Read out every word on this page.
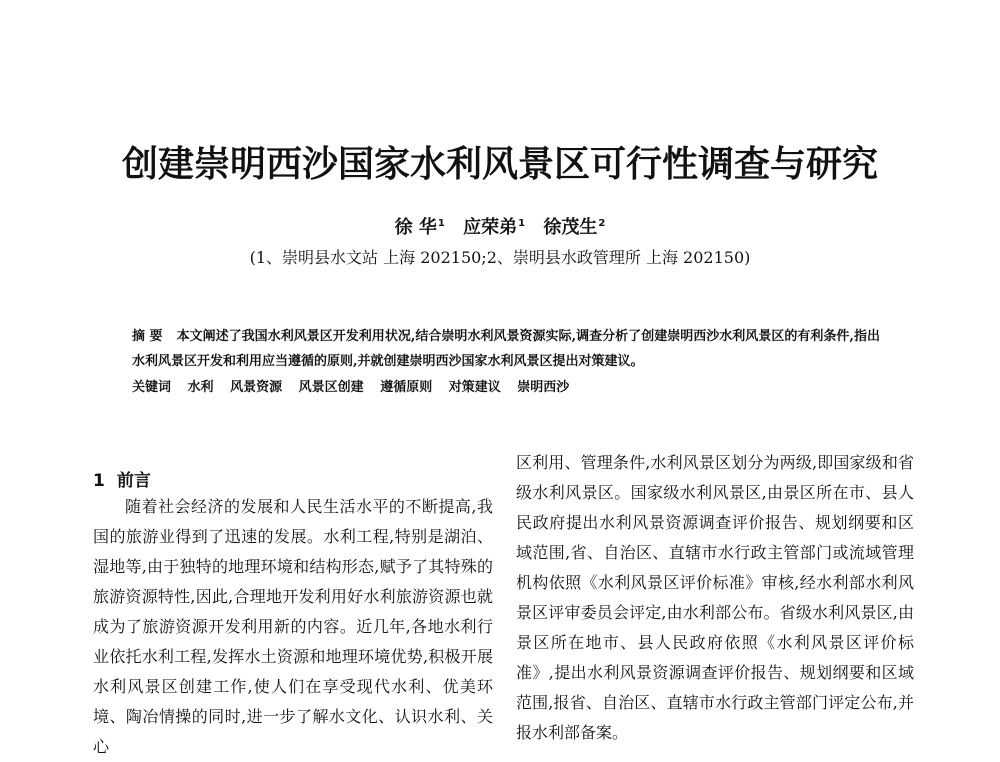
创建崇明西沙国家水利风景区可行性调查与研究
徐 华$^1$ 应荣弟$^1$ 徐茂生$^2$
(1、崇明县水文站 上海 202150;2、崇明县水政管理所 上海 202150)
摘 要 本文阐述了我国水利风景区开发利用状况,结合崇明水利风景资源实际,调查分析了创建崇明西沙水利风景区的有利条件,指出水利风景区开发和利用应当遵循的原则,并就创建崇明西沙国家水利风景区提出对策建议。
关键词 水利 风景资源 风景区创建 遵循原则 对策建议 崇明西沙
1 前言

随着社会经济的发展和人民生活水平的不断提高,我国的旅游业得到了迅速的发展。水利工程,特别是湖泊、湿地等,由于独特的地理环境和结构形态,赋予了其特殊的旅游资源特性,因此,合理地开发利用好水利旅游资源也就成为了旅游资源开发利用新的内容。近几年,各地水利行业依托水利工程,发挥水土资源和地理环境优势,积极开展水利风景区创建工作,使人们在享受现代水利、优美环境、陶冶情操的同时,进一步了解水文化、认识水利、关心

区利用、管理条件,水利风景区划分为两级,即国家级和省级水利风景区。国家级水利风景区,由景区所在市、县人民政府提出水利风景资源调查评价报告、规划纲要和区域范围,省、自治区、直辖市水行政主管部门或流域管理机构依照《水利风景区评价标准》审核,经水利部水利风景区评审委员会评定,由水利部公布。省级水利风景区,由景区所在地市、县人民政府依照《水利风景区评价标准》,提出水利风景资源调查评价报告、规划纲要和区域范围,报省、自治区、直辖市水行政主管部门评定公布,并报水利部备案。
